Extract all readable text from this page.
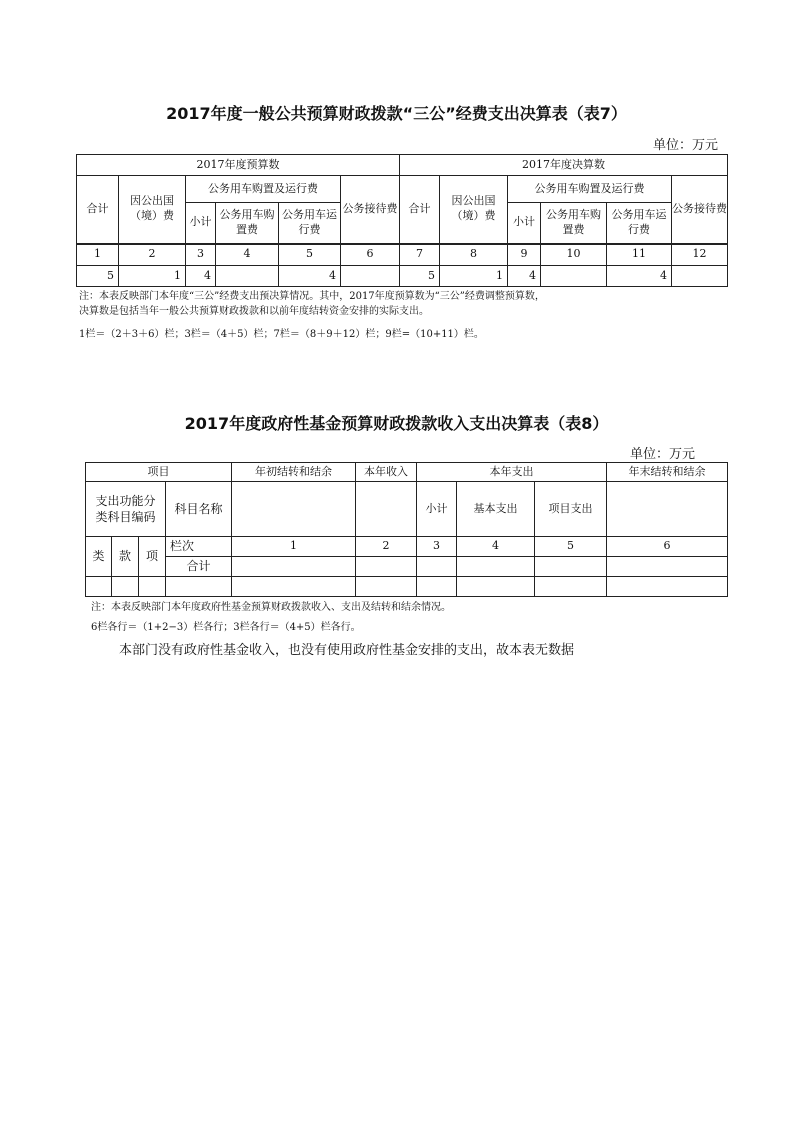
2017年度一般公共预算财政拨款“三公”经费支出决算表（表7）
单位：万元
2017年度预算数						2017年度决算数					
合计	因公出国（境）费	公务用车购置及运行费			公务接待费	合计	因公出国（境）费	公务用车购置及运行费			公务接待费
		小计	公务用车购置费	公务用车运行费				小计	公务用车购置费	公务用车运行费	
1	2	3	4	5	6	7	8	9	10	11	12
5	1	4		4		5	1	4		4	
注：本表反映部门本年度“三公”经费支出预决算情况。其中，2017年度预算数为“三公”经费调整预算数，
决算数是包括当年一般公共预算财政拨款和以前年度结转资金安排的实际支出。
1栏＝（2＋3＋6）栏；3栏＝（4＋5）栏；7栏＝（8＋9＋12）栏；9栏=（10+11）栏。
2017年度政府性基金预算财政拨款收入支出决算表（表8）
单位：万元
项目				年初结转和结余	本年收入	本年支出			年末结转和结余
支出功能分类科目编码			科目名称			小计	基本支出	项目支出	
类	款	项	栏次	1	2	3	4	5	6
			合计						

注：本表反映部门本年度政府性基金预算财政拨款收入、支出及结转和结余情况。
6栏各行＝（1+2−3）栏各行；3栏各行＝（4+5）栏各行。
本部门没有政府性基金收入，也没有使用政府性基金安排的支出，故本表无数据
